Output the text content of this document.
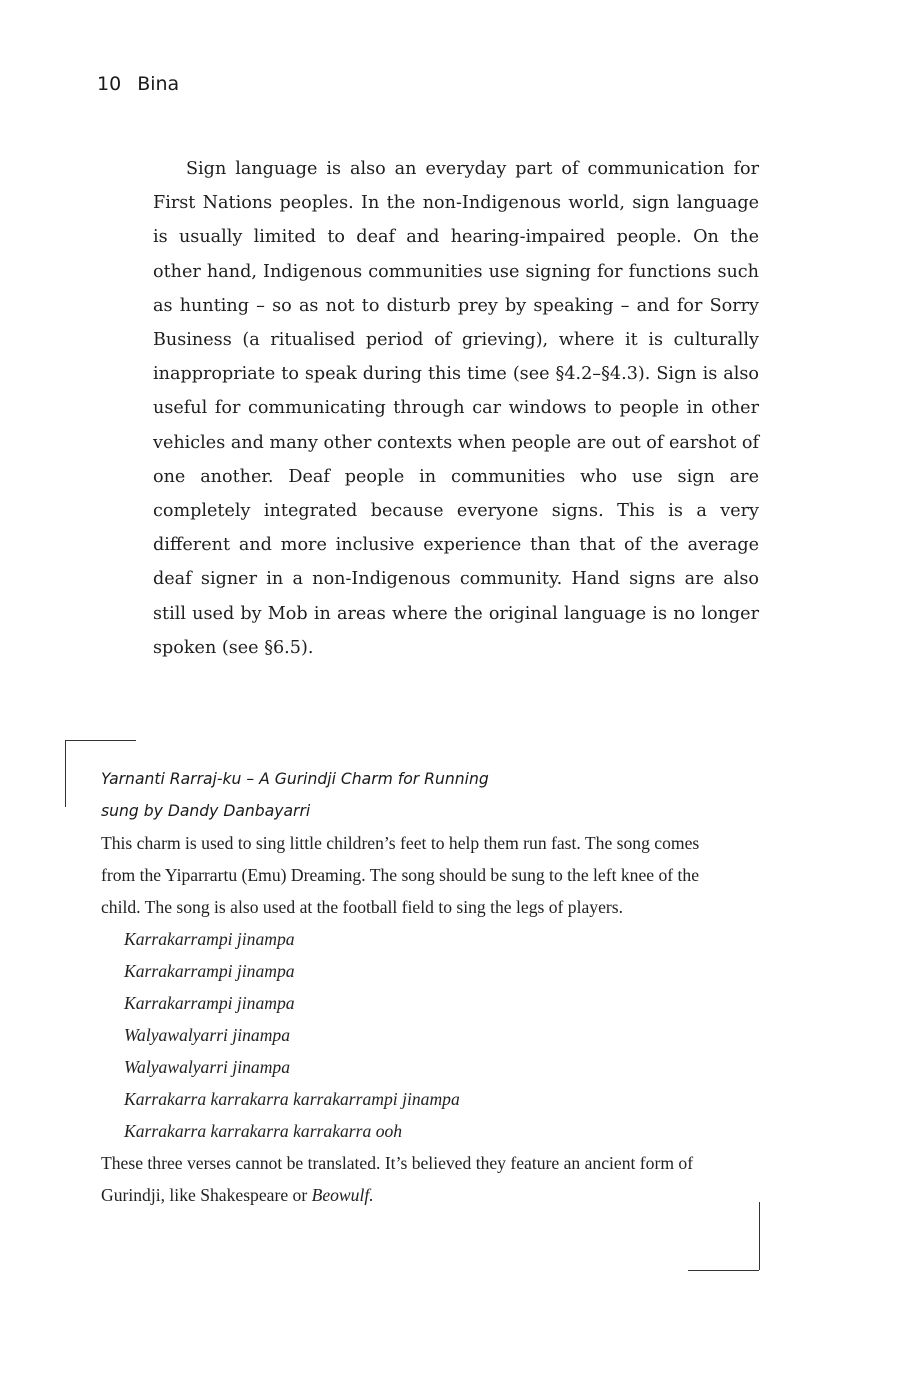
10 Bina

Sign language is also an everyday part of communication for First Nations peoples. In the non-Indigenous world, sign language is usually limited to deaf and hearing-impaired people. On the other hand, Indigenous communities use signing for functions such as hunting – so as not to disturb prey by speaking – and for Sorry Business (a ritualised period of grieving), where it is culturally inappropriate to speak during this time (see §4.2–§4.3). Sign is also useful for communicating through car windows to people in other vehicles and many other contexts when people are out of earshot of one another. Deaf people in communities who use sign are completely integrated because everyone signs. This is a very different and more inclusive experience than that of the average deaf signer in a non-Indigenous community. Hand signs are also still used by Mob in areas where the original language is no longer spoken (see §6.5).

Yarnanti Rarraj-ku – A Gurindji Charm for Running
sung by Dandy Danbayarri

This charm is used to sing little children’s feet to help them run fast. The song comes from the Yiparrartu (Emu) Dreaming. The song should be sung to the left knee of the child. The song is also used at the football field to sing the legs of players.

Karrakarrampi jinampa
Karrakarrampi jinampa
Karrakarrampi jinampa
Walyawalyarri jinampa
Walyawalyarri jinampa
Karrakarra karrakarra karrakarrampi jinampa
Karrakarra karrakarra karrakarra ooh

These three verses cannot be translated. It’s believed they feature an ancient form of Gurindji, like Shakespeare or Beowulf.
